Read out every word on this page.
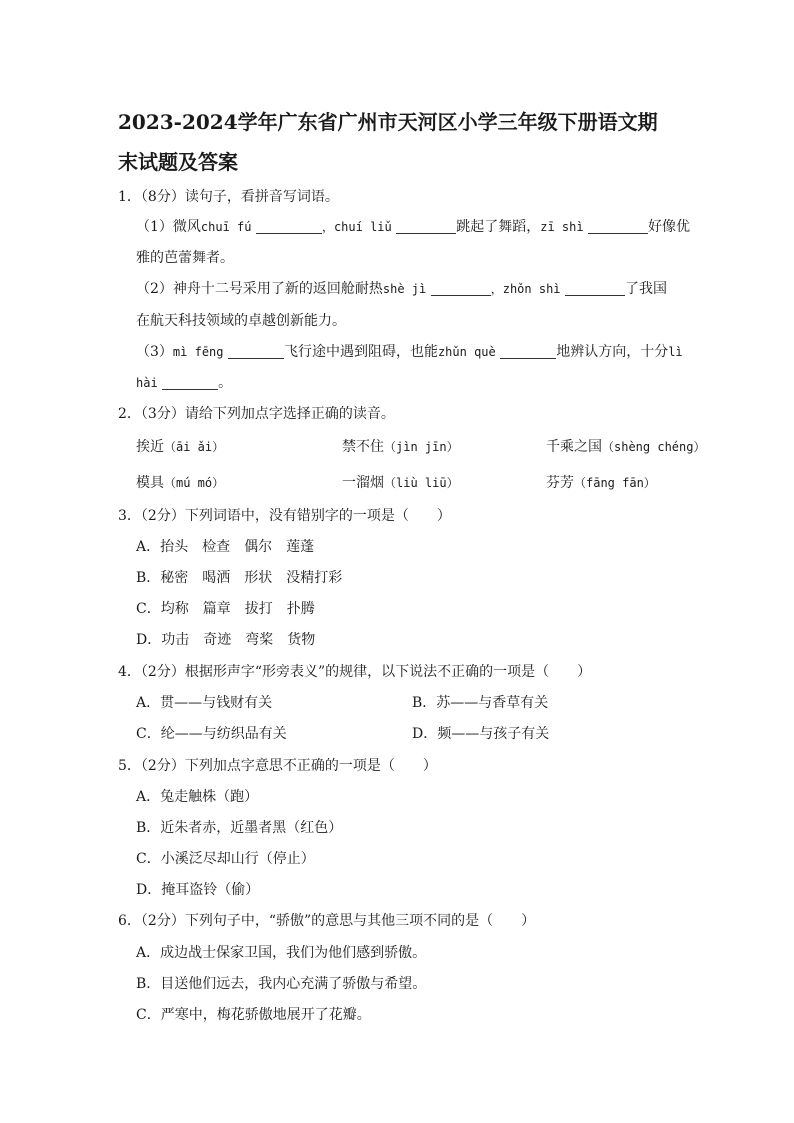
2023-2024学年广东省广州市天河区小学三年级下册语文期
末试题及答案
1．（8分）读句子，看拼音写词语。
（1）微风chuī fú	，chuí liǔ	跳起了舞蹈，zī shì	好像优
雅的芭蕾舞者。
（2）神舟十二号采用了新的返回舱耐热shè jì	，zhǒn shì	了我国
在航天科技领域的卓越创新能力。
（3）mì fēng	飞行途中遇到阻碍，也能zhǔn què	地辨认方向，十分lì
hài	。
2．（3分）请给下列加点字选择正确的读音。
挨近（āi ǎi）	禁不住（jìn jīn）	千乘之国（shèng chéng）
模具（mú mó）	一溜烟（liù liū）	芬芳（fāng fān）
3．（2分）下列词语中，没有错别字的一项是（　　）
A．抬头　检查　偶尔　莲蓬
B．秘密　喝洒　形状　没精打彩
C．均称　篇章　拔打　扑腾
D．功击　奇迹　弯桨　货物
4．（2分）根据形声字“形旁表义”的规律，以下说法不正确的一项是（　　）
A．贯——与钱财有关	B．苏——与香草有关
C．纶——与纺织品有关	D．频——与孩子有关
5．（2分）下列加点字意思不正确的一项是（　　）
A．兔走触株（跑）
B．近朱者赤，近墨者黑（红色）
C．小溪泛尽却山行（停止）
D．掩耳盗铃（偷）
6．（2分）下列句子中，“骄傲”的意思与其他三项不同的是（　　）
A．成边战士保家卫国，我们为他们感到骄傲。
B．目送他们远去，我内心充满了骄傲与希望。
C．严寒中，梅花骄傲地展开了花瓣。
